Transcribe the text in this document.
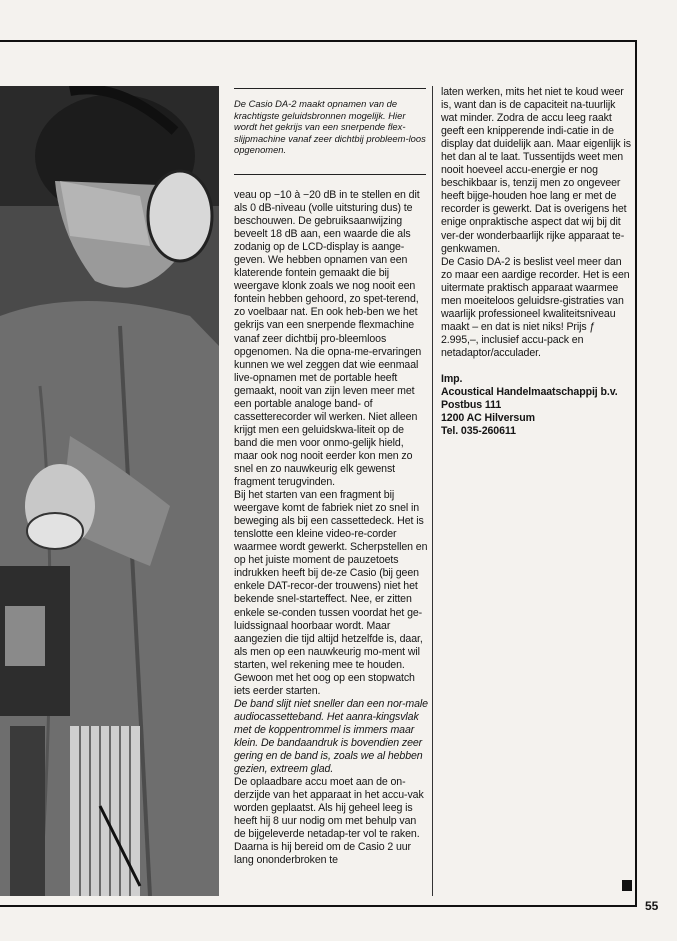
De Casio DA-2 maakt opnamen van de krachtigste geluidsbronnen mogelijk. Hier wordt het gekrijs van een snerpende flex-slijpmachine vanaf zeer dichtbij probleem-loos opgenomen.

veau op −10 à −20 dB in te stellen en dit als 0 dB-niveau (volle uitsturing dus) te beschouwen. De gebruiksaanwijzing beveelt 18 dB aan, een waarde die als zodanig op de LCD-display is aange-geven. We hebben opnamen van een klaterende fontein gemaakt die bij weergave klonk zoals we nog nooit een fontein hebben gehoord, zo spet-terend, zo voelbaar nat. En ook heb-ben we het gekrijs van een snerpende flexmachine vanaf zeer dichtbij pro-bleemloos opgenomen. Na die opna-me-ervaringen kunnen we wel zeggen dat wie eenmaal live-opnamen met de portable heeft gemaakt, nooit van zijn leven meer met een portable analoge band- of cassetterecorder wil werken. Niet alleen krijgt men een geluidskwa-liteit op de band die men voor onmo-gelijk hield, maar ook nog nooit eerder kon men zo snel en zo nauwkeurig elk gewenst fragment terugvinden.

Bij het starten van een fragment bij weergave komt de fabriek niet zo snel in beweging als bij een cassettedeck. Het is tenslotte een kleine video-re-corder waarmee wordt gewerkt. Scherpstellen en op het juiste moment de pauzetoets indrukken heeft bij de-ze Casio (bij geen enkele DAT-recor-der trouwens) niet het bekende snel-starteffect. Nee, er zitten enkele se-conden tussen voordat het ge-luidssignaal hoorbaar wordt. Maar aangezien die tijd altijd hetzelfde is, daar, als men op een nauwkeurig mo-ment wil starten, wel rekening mee te houden. Gewoon met het oog op een stopwatch iets eerder starten.

De band slijt niet sneller dan een nor-male audiocassetteband. Het aanra-kingsvlak met de koppentrommel is immers maar klein. De bandaandruk is bovendien zeer gering en de band is, zoals we al hebben gezien, extreem glad.

De oplaadbare accu moet aan de on-derzijde van het apparaat in het accu-vak worden geplaatst. Als hij geheel leeg is heeft hij 8 uur nodig om met behulp van de bijgeleverde netadap-ter vol te raken. Daarna is hij bereid om de Casio 2 uur lang ononderbroken te

laten werken, mits het niet te koud weer is, want dan is de capaciteit na-tuurlijk wat minder. Zodra de accu leeg raakt geeft een knipperende indi-catie in de display dat duidelijk aan. Maar eigenlijk is het dan al te laat. Tussentijds weet men nooit hoeveel accu-energie er nog beschikbaar is, tenzij men zo ongeveer heeft bijge-houden hoe lang er met de recorder is gewerkt. Dat is overigens het enige onpraktische aspect dat wij bij dit ver-der wonderbaarlijk rijke apparaat te-genkwamen.

De Casio DA-2 is beslist veel meer dan zo maar een aardige recorder. Het is een uitermate praktisch apparaat waarmee men moeiteloos geluidsre-gistraties van waarlijk professioneel kwaliteitsniveau maakt – en dat is niet niks! Prijs ƒ 2.995,–, inclusief accu-pack en netadaptor/acculader.

Imp.

Acoustical Handelmaatschappij b.v.

Postbus 111

1200 AC Hilversum

Tel. 035-260611

55
